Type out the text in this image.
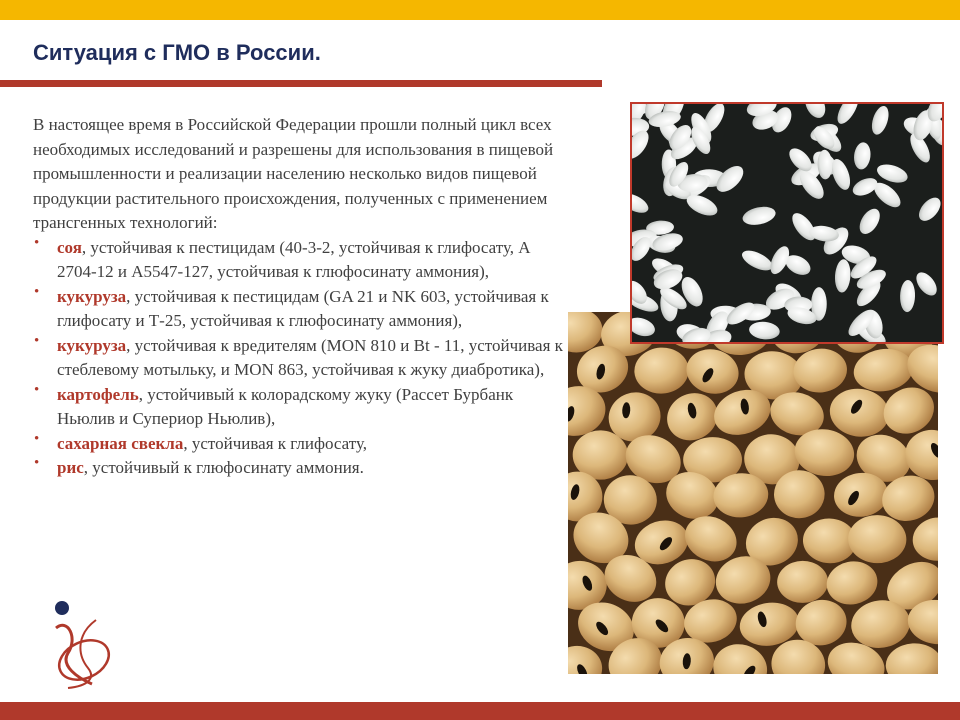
Ситуация с ГМО в России.

В настоящее время в Российской Федерации прошли полный цикл всех необходимых исследований и разрешены для использования в пищевой промышленности и реализации населению несколько видов пищевой продукции растительного происхождения, полученных с применением трансгенных технологий:

• соя, устойчивая к пестицидам (40-3-2, устойчивая к глифосату, А 2704-12 и A5547-127, устойчивая к глюфосинату аммония),
• кукуруза, устойчивая к пестицидам (GA 21 и NK 603, устойчивая к глифосату и Т-25, устойчивая к глюфосинату аммония),
• кукуруза, устойчивая к вредителям (MON 810 и Bt - 11, устойчивая к стеблевому мотыльку, и MON 863, устойчивая к жуку диабротика),
• картофель, устойчивый к колорадскому жуку (Рассет Бурбанк Ньюлив и Супериор Ньюлив),
• сахарная свекла, устойчивая к глифосату,
• рис, устойчивый к глюфосинату аммония.
